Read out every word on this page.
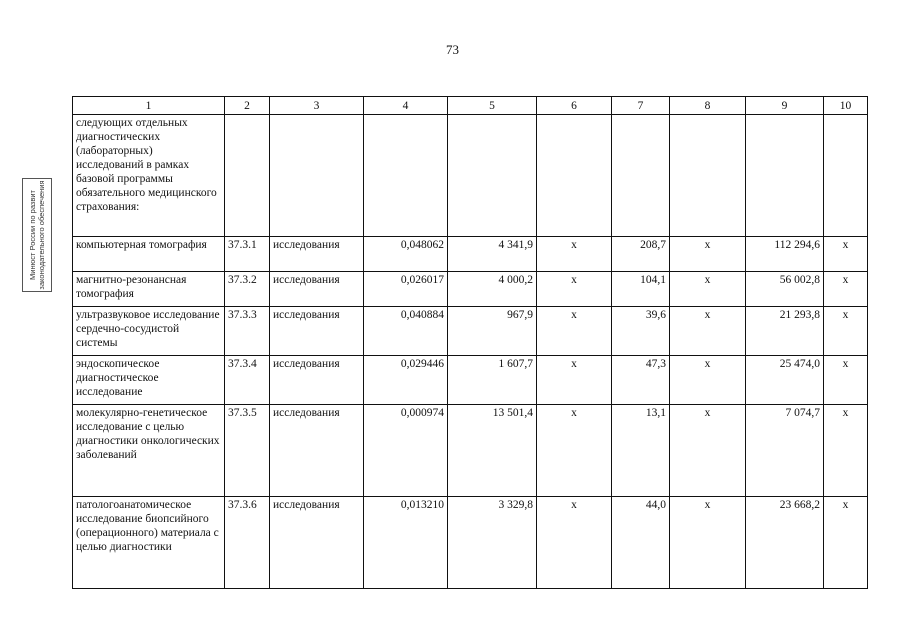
73
Минюст России по развит законодательного обеспечения
1	2	3	4	5	6	7	8	9	10
следующих отдельных диагностических (лабораторных) исследований в рамках базовой программы обязательного медицинского страхования:									
компьютерная томография	37.3.1	исследования	0,048062	4 341,9	x	208,7	x	112 294,6	x
магнитно-резонансная томография	37.3.2	исследования	0,026017	4 000,2	x	104,1	x	56 002,8	x
ультразвуковое исследование сердечно-сосудистой системы	37.3.3	исследования	0,040884	967,9	x	39,6	x	21 293,8	x
эндоскопическое диагностическое исследование	37.3.4	исследования	0,029446	1 607,7	x	47,3	x	25 474,0	x
молекулярно-генетическое исследование с целью диагностики онкологических заболеваний	37.3.5	исследования	0,000974	13 501,4	x	13,1	x	7 074,7	x
патологоанатомическое исследование биопсийного (операционного) материала с целью диагностики	37.3.6	исследования	0,013210	3 329,8	x	44,0	x	23 668,2	x
